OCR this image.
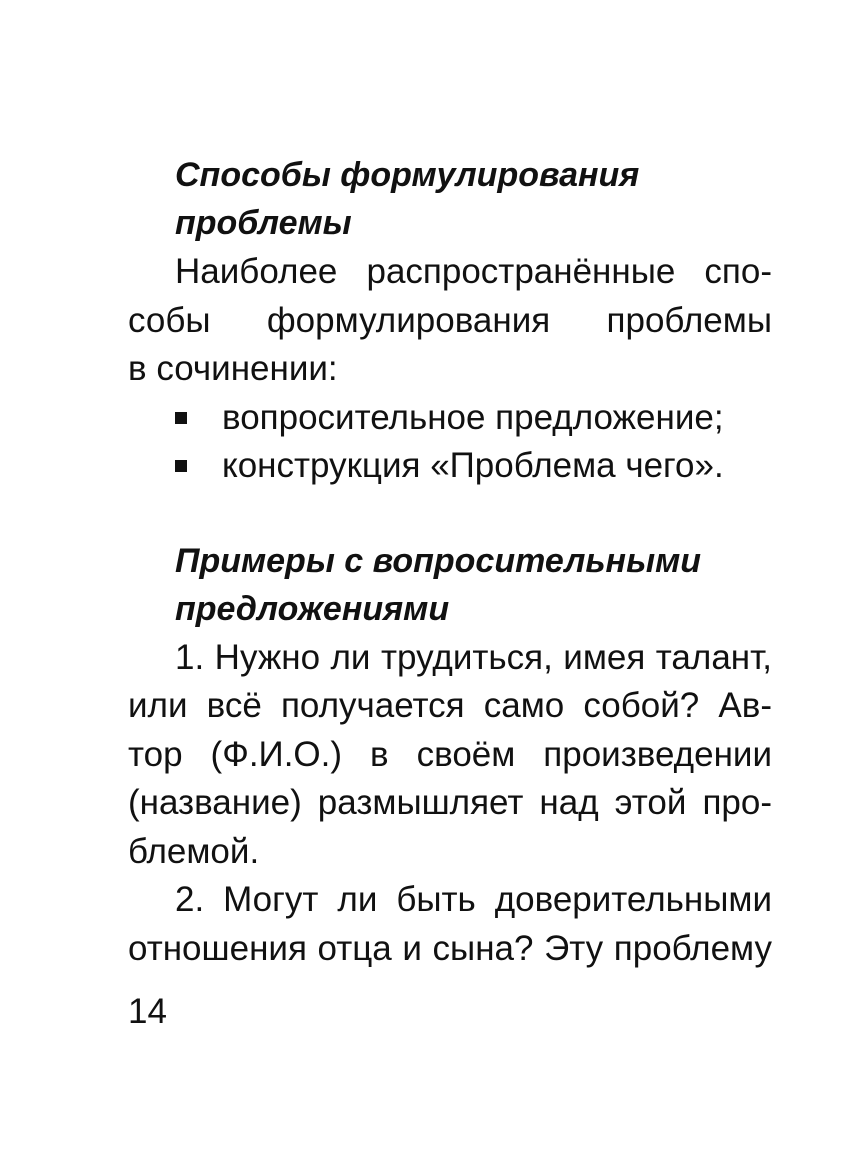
Способы формулирования
проблемы
Наиболее распространённые спо-
собы формулирования проблемы
в сочинении:
вопросительное предложение;
конструкция «Проблема чего».
Примеры с вопросительными
предложениями
1. Нужно ли трудиться, имея талант,
или всё получается само собой? Ав-
тор (Ф.И.О.) в своём произведении
(название) размышляет над этой про-
блемой.
2. Могут ли быть доверительными
отношения отца и сына? Эту проблему
14
